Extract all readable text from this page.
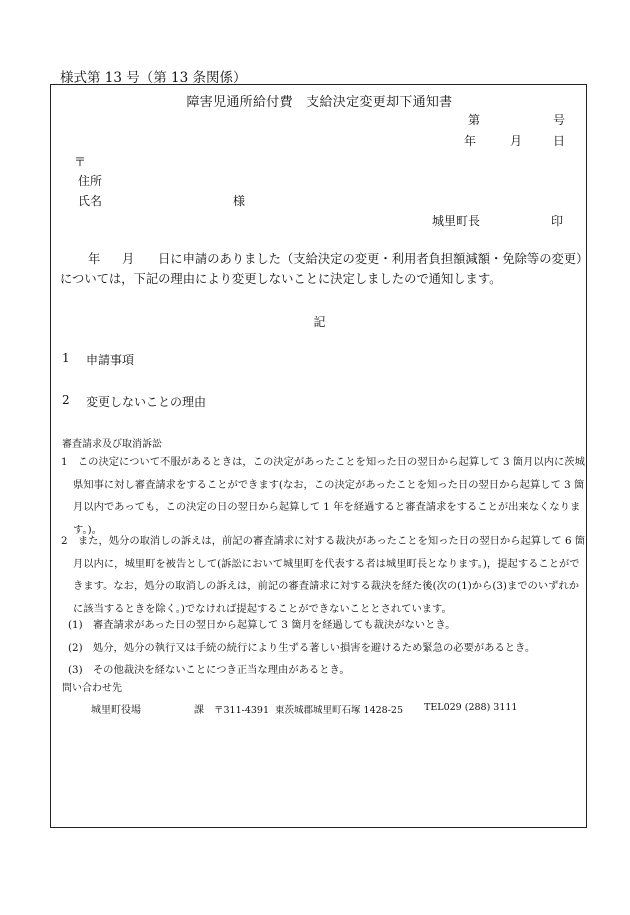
様式第 13 号（第 13 条関係）
障害児通所給付費　支給決定変更却下通知書
第	号
年	月	日
〒
住所
氏名	様
城里町長	印
年 月 日に申請のありました（支給決定の変更・利用者負担額減額・免除等の変更）
については，下記の理由により変更しないことに決定しましたので通知します。
記
1 申請事項
2 変更しないことの理由
審査請求及び取消訴訟
1　この決定について不服があるときは，この決定があったことを知った日の翌日から起算して 3 箇月以内に茨城
県知事に対し審査請求をすることができます(なお，この決定があったことを知った日の翌日から起算して 3 箇
月以内であっても，この決定の日の翌日から起算して 1 年を経過すると審査請求をすることが出来なくなりま
す。)。
2　また，処分の取消しの訴えは，前記の審査請求に対する裁決があったことを知った日の翌日から起算して 6 箇
月以内に，城里町を被告として(訴訟において城里町を代表する者は城里町長となります。)，提起することがで
きます。なお，処分の取消しの訴えは，前記の審査請求に対する裁決を経た後(次の(1)から(3)までのいずれか
に該当するときを除く。)でなければ提起することができないこととされています。
(1)　審査請求があった日の翌日から起算して 3 箇月を経過しても裁決がないとき。
(2)　処分，処分の執行又は手続の続行により生ずる著しい損害を避けるため緊急の必要があるとき。
(3)　その他裁決を経ないことにつき正当な理由があるとき。
問い合わせ先
城里町役場	課 〒311-4391 東茨城郡城里町石塚 1428-25 TEL029 (288) 3111
